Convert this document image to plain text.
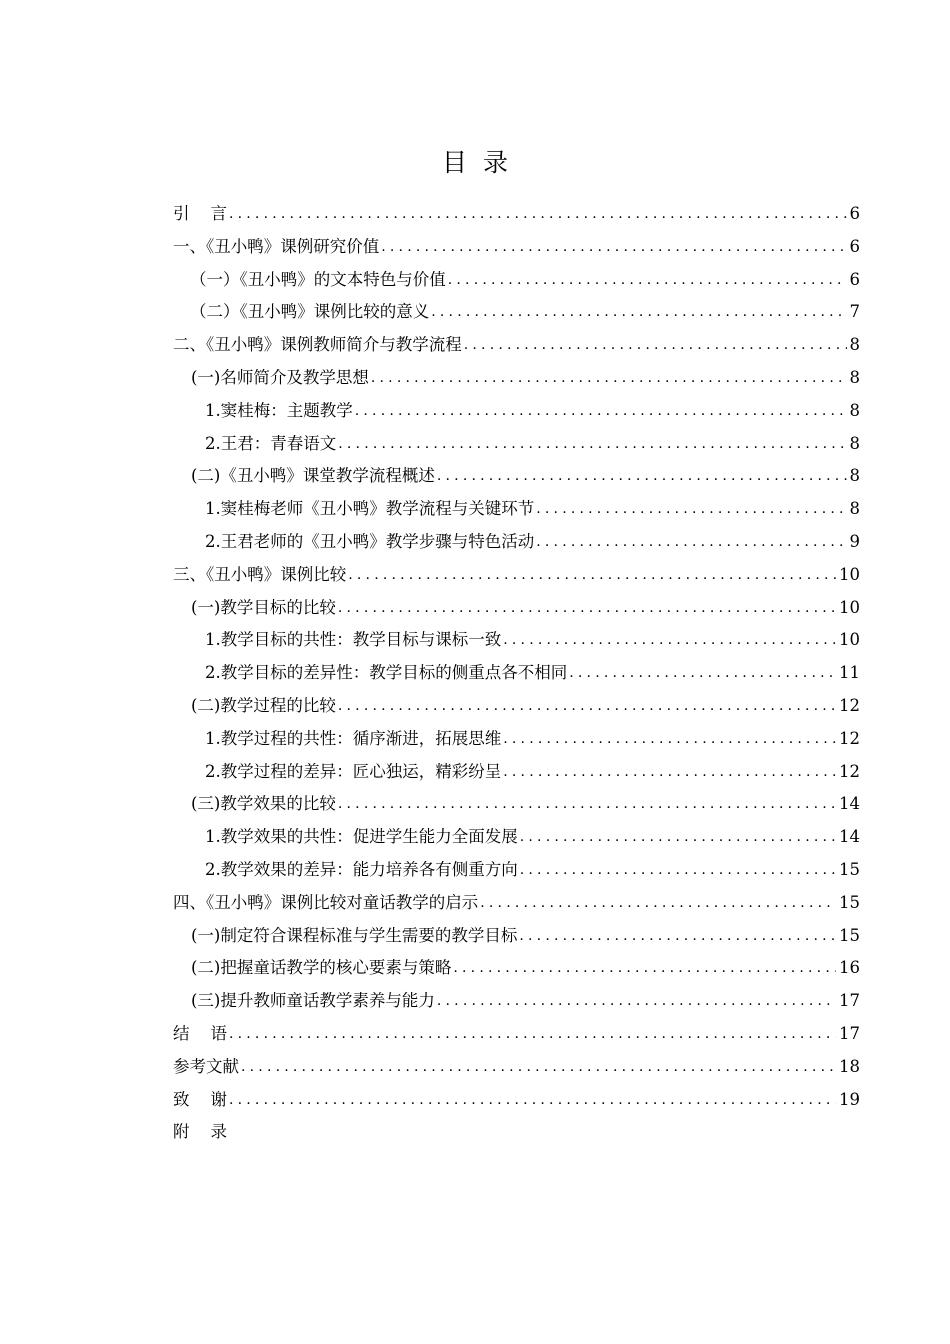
目  录
引    言 .....	6
一、《丑小鸭》课例研究价值 .....	6
（一）《丑小鸭》的文本特色与价值 .....	6
（二）《丑小鸭》课例比较的意义 .....	7
二、《丑小鸭》课例教师简介与教学流程 .....	8
(一)名师简介及教学思想 .....	8
1.窦桂梅：主题教学 .....	8
2.王君：青春语文 .....	8
(二)《丑小鸭》课堂教学流程概述 .....	8
1.窦桂梅老师《丑小鸭》教学流程与关键环节 .....	8
2.王君老师的《丑小鸭》教学步骤与特色活动 .....	9
三、《丑小鸭》课例比较 .....	10
(一)教学目标的比较 .....	10
1.教学目标的共性：教学目标与课标一致 .....	10
2.教学目标的差异性：教学目标的侧重点各不相同 .....	11
(二)教学过程的比较 .....	12
1.教学过程的共性：循序渐进，拓展思维 .....	12
2.教学过程的差异：匠心独运，精彩纷呈 .....	12
(三)教学效果的比较 .....	14
1.教学效果的共性：促进学生能力全面发展 .....	14
2.教学效果的差异：能力培养各有侧重方向 .....	15
四、《丑小鸭》课例比较对童话教学的启示 .....	15
(一)制定符合课程标准与学生需要的教学目标 .....	15
(二)把握童话教学的核心要素与策略 .....	16
(三)提升教师童话教学素养与能力 .....	17
结    语 .....	17
参考文献 .....	18
致    谢 .....	19
附    录
